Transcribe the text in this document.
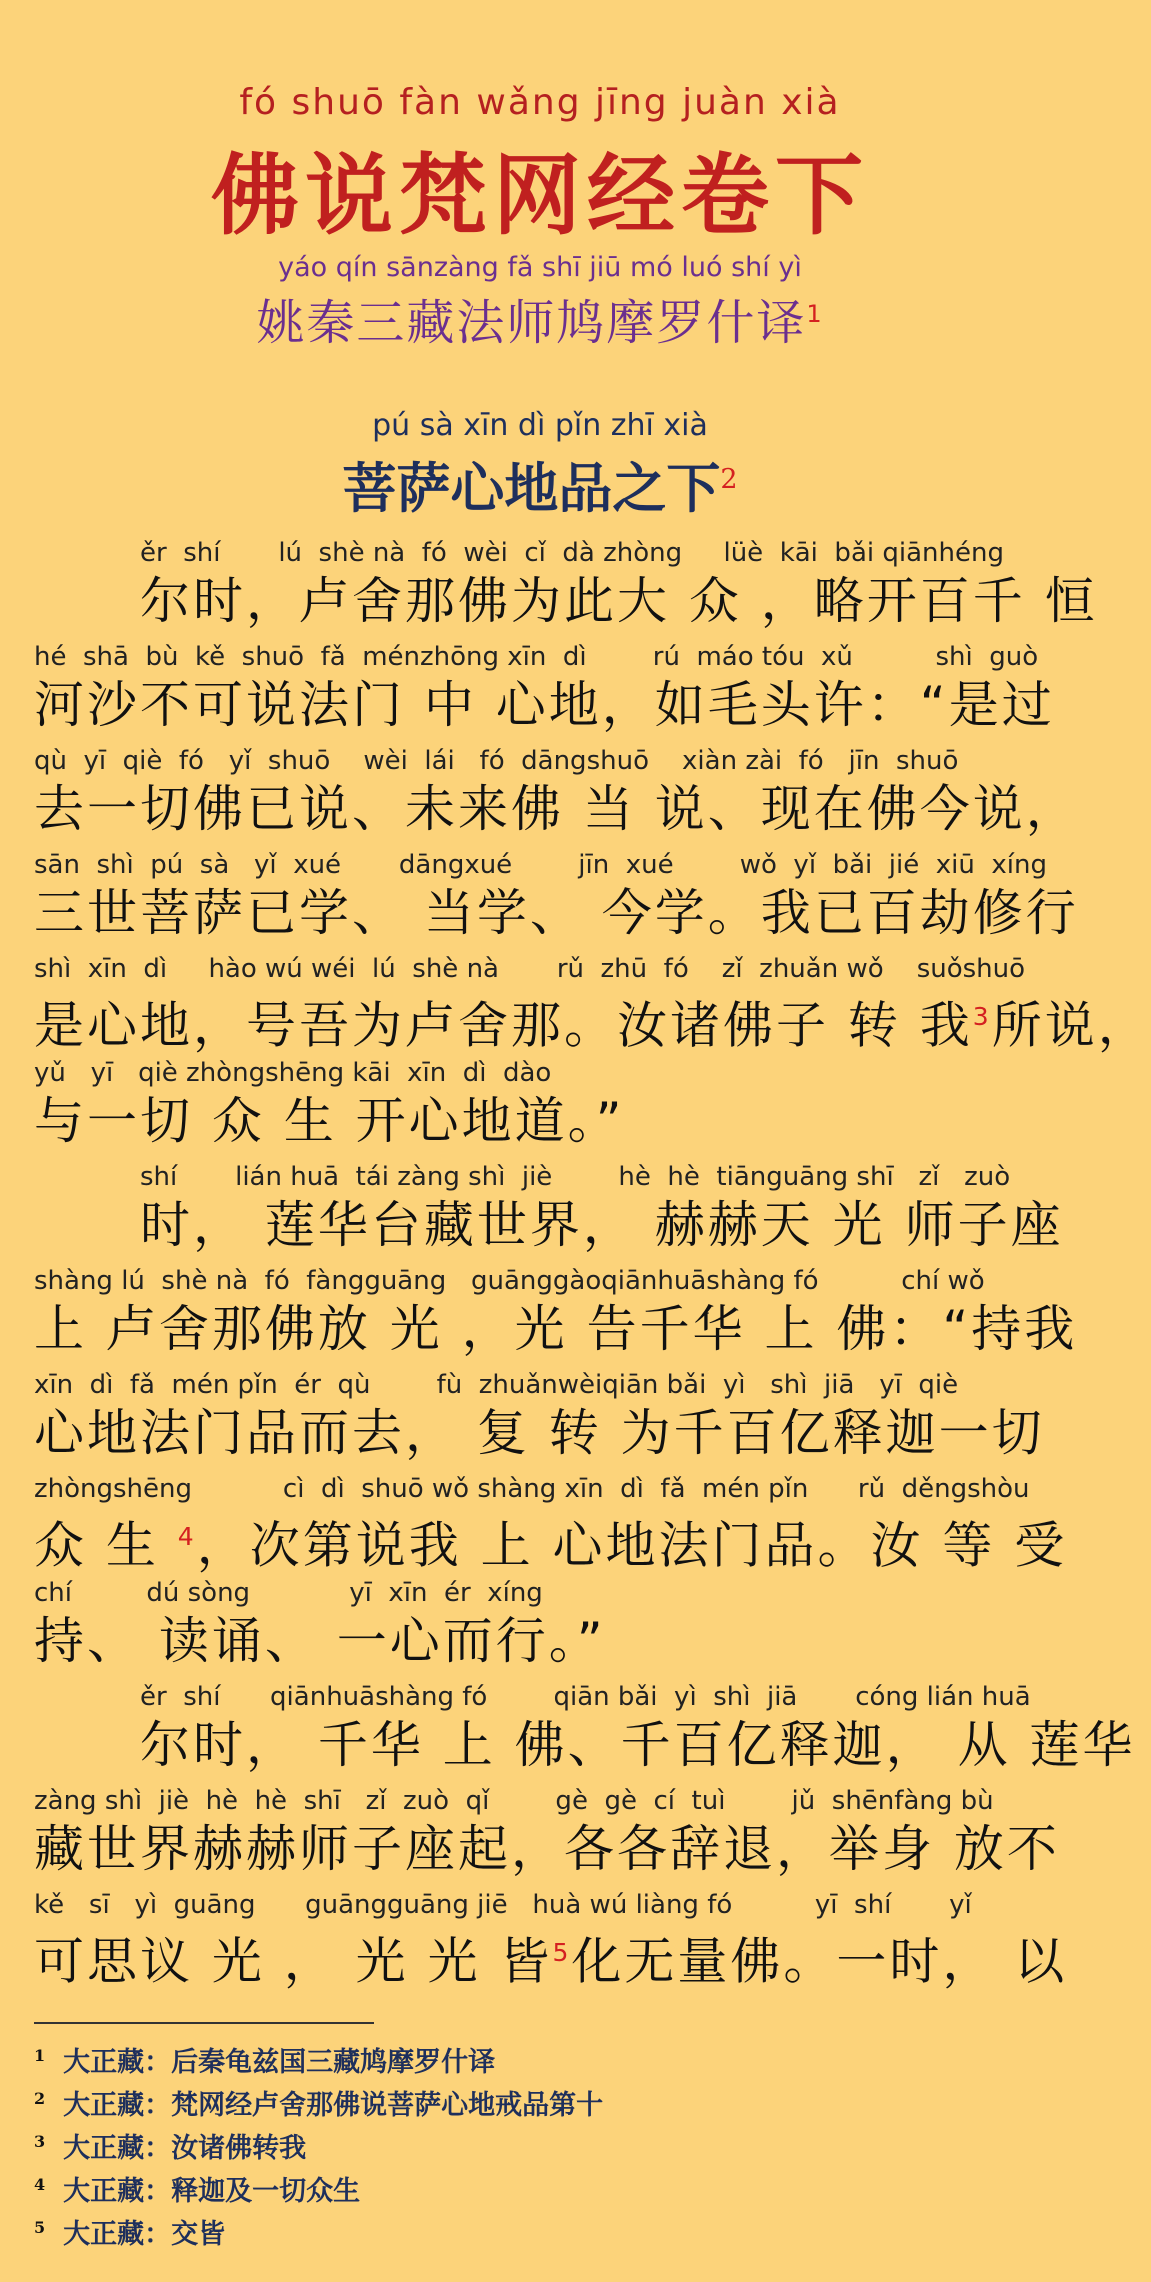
fó shuō fàn wǎng jīng juàn xià
佛说梵网经卷下
yáo qín sānzàng fǎ shī jiū mó luó shí yì
姚秦三藏法师鸠摩罗什译$^1$
pú sà xīn dì pǐn zhī xià
菩萨心地品之下$^2$
ěr  shí       lú  shè nà  fó  wèi  cǐ  dà zhòng     lüè  kāi  bǎi qiānhéng
尔时，卢舍那佛为此大 众 ，略开百千 恒
hé  shā  bù  kě  shuō  fǎ  ménzhōng xīn  dì        rú  máo tóu  xǔ          shì  guò
河沙不可说法门 中 心地，如毛头许：“是过
qù  yī  qiè  fó   yǐ  shuō    wèi  lái   fó  dāngshuō    xiàn zài  fó   jīn  shuō
去一切佛已说、未来佛 当 说、现在佛今说，
sān  shì  pú  sà   yǐ  xué       dāngxué        jīn  xué        wǒ  yǐ  bǎi  jié  xiū  xíng
三世菩萨已学、 当学、 今学。我已百劫修行
shì  xīn  dì     hào wú wéi  lú  shè nà       rǔ  zhū  fó    zǐ  zhuǎn wǒ    suǒshuō
是心地，号吾为卢舍那。汝诸佛子 转 我$^3$所说，
yǔ   yī   qiè zhòngshēng kāi  xīn  dì  dào
与一切 众 生 开心地道。”
shí       lián huā  tái zàng shì  jiè        hè  hè  tiānguāng shī   zǐ   zuò
时， 莲华台藏世界， 赫赫天 光 师子座
shàng lú  shè nà  fó  fàngguāng   guānggàoqiānhuāshàng fó          chí wǒ
上 卢舍那佛放 光 ，光 告千华 上 佛：“持我
xīn  dì  fǎ  mén pǐn  ér  qù        fù  zhuǎnwèiqiān bǎi  yì   shì  jiā   yī  qiè
心地法门品而去， 复 转 为千百亿释迦一切
zhòngshēng           cì  dì  shuō wǒ shàng xīn  dì  fǎ  mén pǐn      rǔ  děngshòu
众 生 $^4$，次第说我 上 心地法门品。汝 等 受
chí         dú sòng            yī  xīn  ér  xíng
持、 读诵、 一心而行。”
ěr  shí      qiānhuāshàng fó        qiān bǎi  yì  shì  jiā       cóng lián huā
尔时， 千华 上 佛、千百亿释迦， 从 莲华
zàng shì  jiè  hè  hè  shī   zǐ  zuò  qǐ        gè  gè  cí  tuì        jǔ  shēnfàng bù
藏世界赫赫师子座起，各各辞退，举身 放不
kě   sī   yì  guāng      guāngguāng jiē   huà wú liàng fó          yī  shí       yǐ
可思议 光 ， 光 光 皆$^5$化无量佛。一时， 以
$^1$ 大正藏：后秦龟兹国三藏鸠摩罗什译
$^2$ 大正藏：梵网经卢舍那佛说菩萨心地戒品第十
$^3$ 大正藏：汝诸佛转我
$^4$ 大正藏：释迦及一切众生
$^5$ 大正藏：交皆
